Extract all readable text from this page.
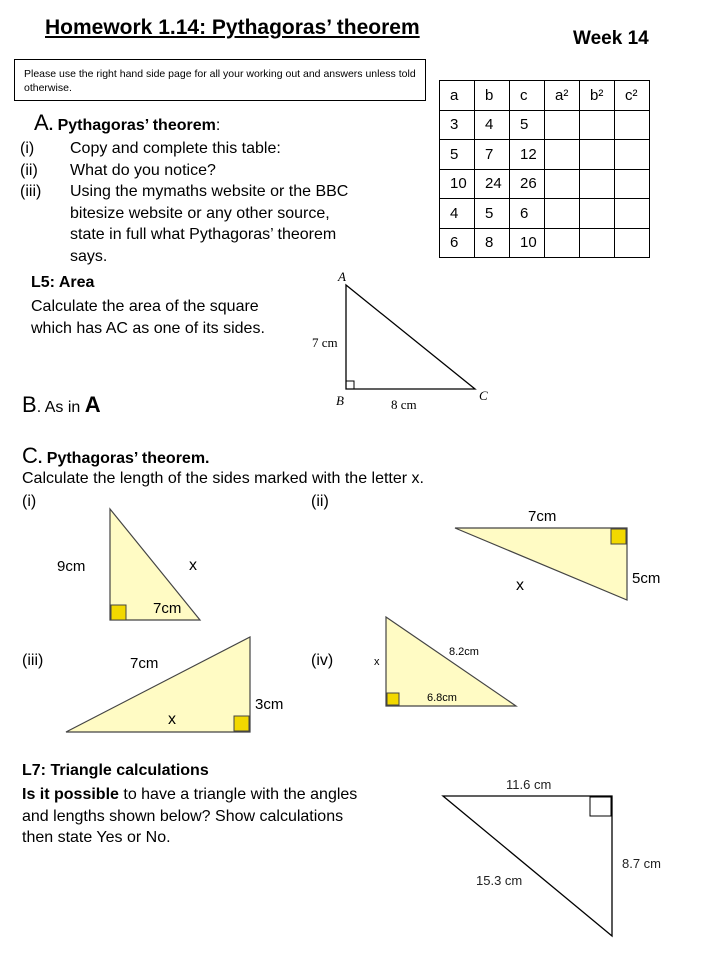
Homework 1.14: Pythagoras’ theorem	Week 14
Please use the right hand side page for all your working out and answers unless told otherwise.	a	b	c	a²	b²	c²
3	4	5			
5	7	12			
10	24	26			
4	5	6			
6	8	10			
A. Pythagoras’ theorem:
(i)	Copy and complete this table:
(ii)	What do you notice?
(iii)	Using the mymaths website or the BBC bitesize website or any other source, state in full what Pythagoras’ theorem says.
L5: Area
Calculate the area of the square which has AC as one of its sides.
B. As in A
C. Pythagoras’ theorem.
Calculate the length of the sides marked with the letter x.
(i)	(ii)
(iii)	(iv)
L7: Triangle calculations
Is it possible to have a triangle with the angles and lengths shown below? Show calculations then state Yes or No.
A
B	C
7 cm
8 cm
9cm	x
7cm
7cm
5cm
x
7cm
3cm
x
x
8.2cm
6.8cm
11.6 cm
8.7 cm
15.3 cm
